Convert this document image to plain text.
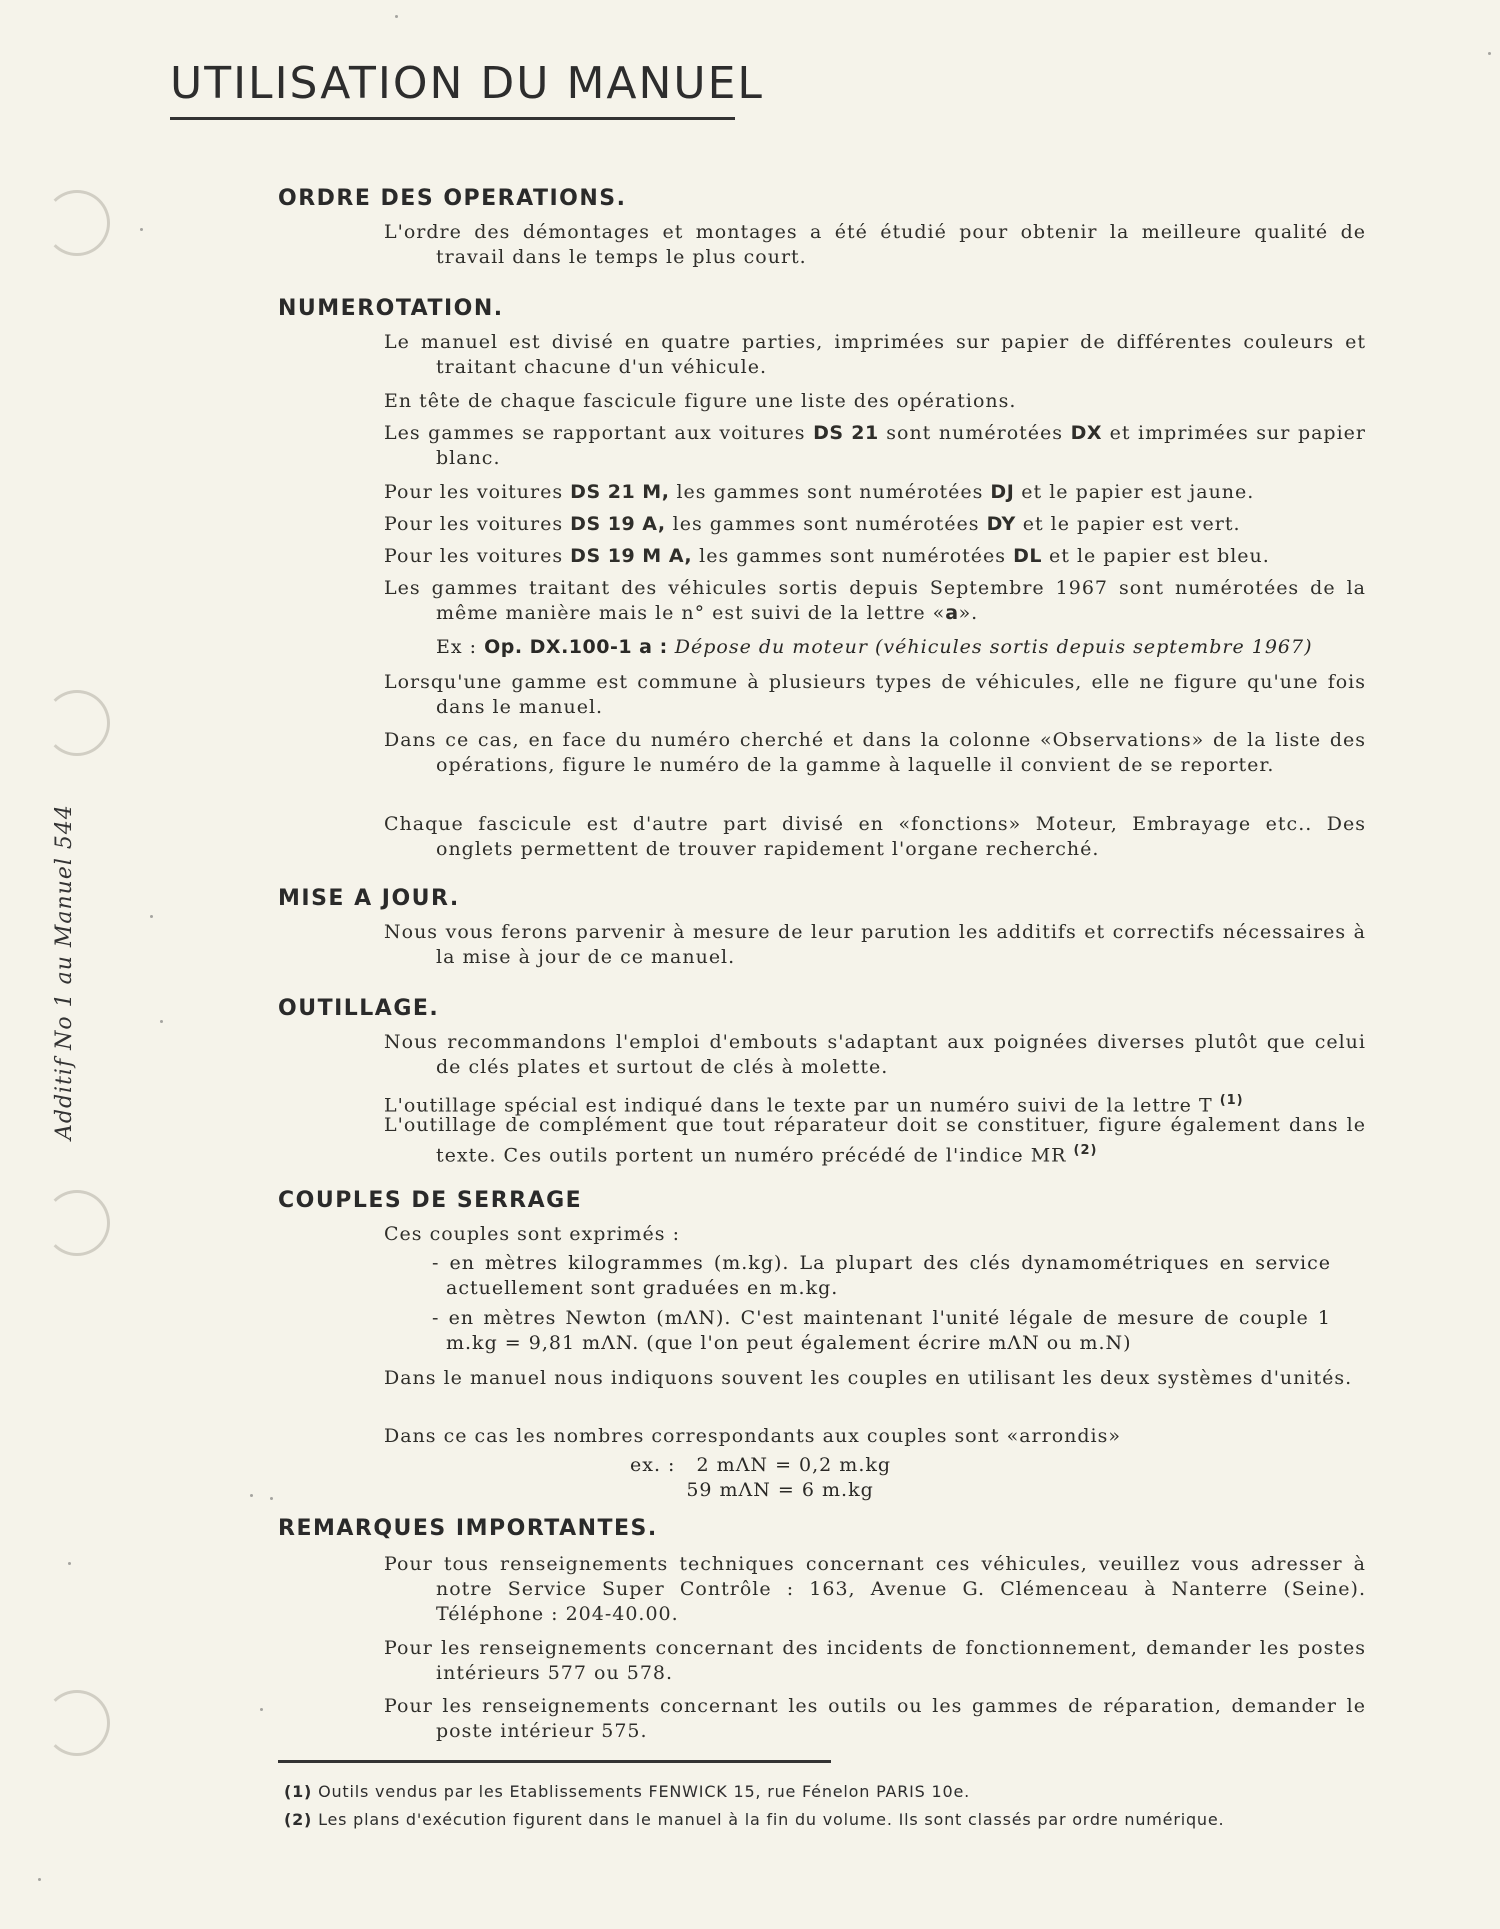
Additif No 1 au Manuel 544
UTILISATION DU MANUEL
ORDRE DES OPERATIONS.

L'ordre des démontages et montages a été étudié pour obtenir la meilleure qualité de travail dans le temps le plus court.

NUMEROTATION.

Le manuel est divisé en quatre parties, imprimées sur papier de différentes couleurs et traitant chacune d'un véhicule.

En tête de chaque fascicule figure une liste des opérations.

Les gammes se rapportant aux voitures DS 21 sont numérotées DX et imprimées sur papier blanc.

Pour les voitures DS 21 M, les gammes sont numérotées DJ et le papier est jaune.

Pour les voitures DS 19 A, les gammes sont numérotées DY et le papier est vert.

Pour les voitures DS 19 M A, les gammes sont numérotées DL et le papier est bleu.

Les gammes traitant des véhicules sortis depuis Septembre 1967 sont numérotées de la même manière mais le n° est suivi de la lettre «a».

Ex : Op. DX.100-1 a : Dépose du moteur (véhicules sortis depuis septembre 1967)

Lorsqu'une gamme est commune à plusieurs types de véhicules, elle ne figure qu'une fois dans le manuel.

Dans ce cas, en face du numéro cherché et dans la colonne «Observations» de la liste des opérations, figure le numéro de la gamme à laquelle il convient de se reporter.

Chaque fascicule est d'autre part divisé en «fonctions» Moteur, Embrayage etc.. Des onglets permettent de trouver rapidement l'organe recherché.

MISE A JOUR.

Nous vous ferons parvenir à mesure de leur parution les additifs et correctifs nécessaires à la mise à jour de ce manuel.

OUTILLAGE.

Nous recommandons l'emploi d'embouts s'adaptant aux poignées diverses plutôt que celui de clés plates et surtout de clés à molette.

L'outillage spécial est indiqué dans le texte par un numéro suivi de la lettre T $^{(1)}$

L'outillage de complément que tout réparateur doit se constituer, figure également dans le texte. Ces outils portent un numéro précédé de l'indice MR $^{(2)}$

COUPLES DE SERRAGE

Ces couples sont exprimés :

- en mètres kilogrammes (m.kg). La plupart des clés dynamométriques en service actuellement sont graduées en m.kg.

- en mètres Newton (mΛN). C'est maintenant l'unité légale de mesure de couple 1 m.kg = 9,81 mΛN. (que l'on peut également écrire mΛN ou m.N)

Dans le manuel nous indiquons souvent les couples en utilisant les deux systèmes d'unités.

Dans ce cas les nombres correspondants aux couples sont «arrondis»

ex. :   2 mΛN = 0,2 m.kg
59 mΛN = 6 m.kg
REMARQUES IMPORTANTES.

Pour tous renseignements techniques concernant ces véhicules, veuillez vous adresser à notre Service Super Contrôle : 163, Avenue G. Clémenceau à Nanterre (Seine). Téléphone : 204-40.00.

Pour les renseignements concernant des incidents de fonctionnement, demander les postes intérieurs 577 ou 578.

Pour les renseignements concernant les outils ou les gammes de réparation, demander le poste intérieur 575.

(1) Outils vendus par les Etablissements FENWICK 15, rue Fénelon PARIS 10e.

(2) Les plans d'exécution figurent dans le manuel à la fin du volume. Ils sont classés par ordre numérique.
